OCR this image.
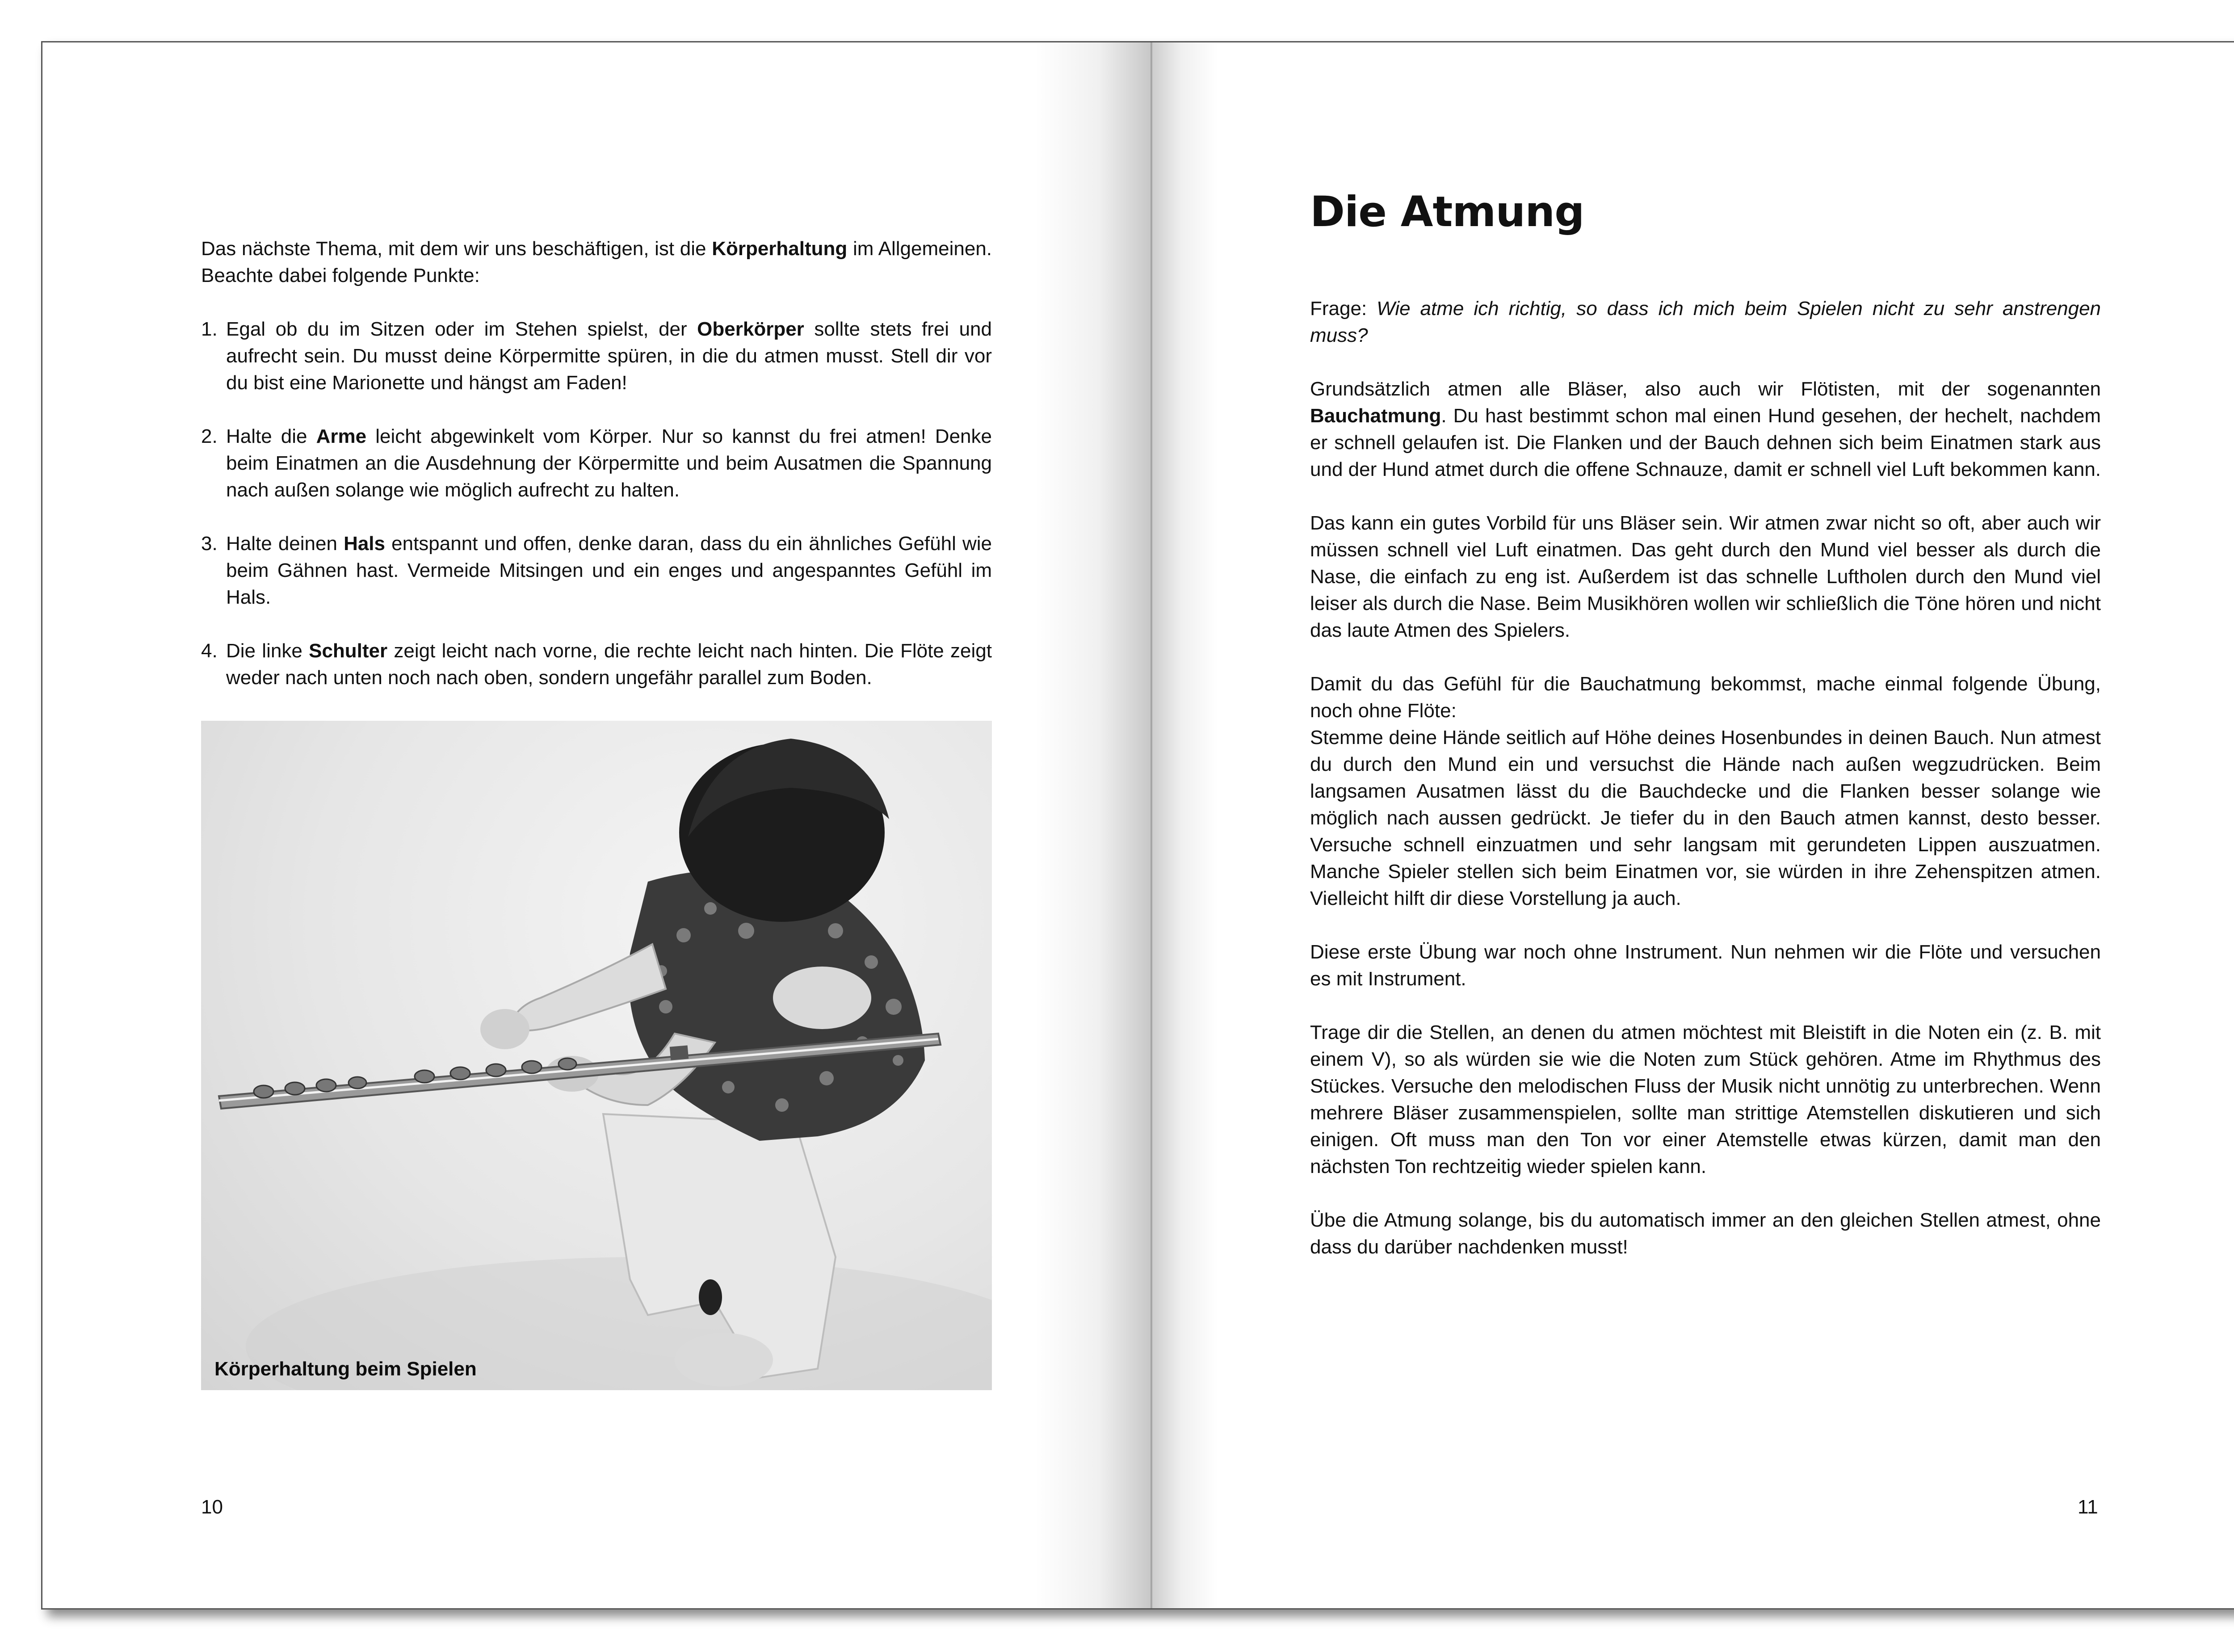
Das nächste Thema, mit dem wir uns beschäftigen, ist die Körperhaltung im Allgemeinen. Beachte dabei folgende Punkte:

1. Egal ob du im Sitzen oder im Stehen spielst, der Oberkörper sollte stets frei und aufrecht sein. Du musst deine Körpermitte spüren, in die du atmen musst. Stell dir vor du bist eine Marionette und hängst am Faden!
2. Halte die Arme leicht abgewinkelt vom Körper. Nur so kannst du frei atmen! Denke beim Einatmen an die Ausdehnung der Körpermitte und beim Ausatmen die Spannung nach außen solange wie möglich aufrecht zu halten.
3. Halte deinen Hals entspannt und offen, denke daran, dass du ein ähnliches Gefühl wie beim Gähnen hast. Vermeide Mitsingen und ein enges und angespanntes Gefühl im Hals.
4. Die linke Schulter zeigt leicht nach vorne, die rechte leicht nach hinten. Die Flöte zeigt weder nach unten noch nach oben, sondern ungefähr parallel zum Boden.
Körperhaltung beim Spielen
10
Die Atmung

Frage: Wie atme ich richtig, so dass ich mich beim Spielen nicht zu sehr anstrengen muss?

Grundsätzlich atmen alle Bläser, also auch wir Flötisten, mit der sogenannten Bauchatmung. Du hast bestimmt schon mal einen Hund gesehen, der hechelt, nachdem er schnell gelaufen ist. Die Flanken und der Bauch dehnen sich beim Einatmen stark aus und der Hund atmet durch die offene Schnauze, damit er schnell viel Luft bekommen kann.

Das kann ein gutes Vorbild für uns Bläser sein. Wir atmen zwar nicht so oft, aber auch wir müssen schnell viel Luft einatmen. Das geht durch den Mund viel besser als durch die Nase, die einfach zu eng ist. Außerdem ist das schnelle Luftholen durch den Mund viel leiser als durch die Nase. Beim Musikhören wollen wir schließlich die Töne hören und nicht das laute Atmen des Spielers.

Damit du das Gefühl für die Bauchatmung bekommst, mache einmal folgende Übung, noch ohne Flöte:
Stemme deine Hände seitlich auf Höhe deines Hosenbundes in deinen Bauch. Nun atmest du durch den Mund ein und versuchst die Hände nach außen wegzudrücken. Beim langsamen Ausatmen lässt du die Bauchdecke und die Flanken besser solange wie möglich nach aussen gedrückt. Je tiefer du in den Bauch atmen kannst, desto besser. Versuche schnell einzuatmen und sehr langsam mit gerundeten Lippen auszuatmen. Manche Spieler stellen sich beim Einatmen vor, sie würden in ihre Zehenspitzen atmen. Vielleicht hilft dir diese Vorstellung ja auch.

Diese erste Übung war noch ohne Instrument. Nun nehmen wir die Flöte und versuchen es mit Instrument.

Trage dir die Stellen, an denen du atmen möchtest mit Bleistift in die Noten ein (z. B. mit einem V), so als würden sie wie die Noten zum Stück gehören. Atme im Rhythmus des Stückes. Versuche den melodischen Fluss der Musik nicht unnötig zu unterbrechen. Wenn mehrere Bläser zusammenspielen, sollte man strittige Atemstellen diskutieren und sich einigen. Oft muss man den Ton vor einer Atemstelle etwas kürzen, damit man den nächsten Ton rechtzeitig wieder spielen kann.

Übe die Atmung solange, bis du automatisch immer an den gleichen Stellen atmest, ohne dass du darüber nachdenken musst!

11
